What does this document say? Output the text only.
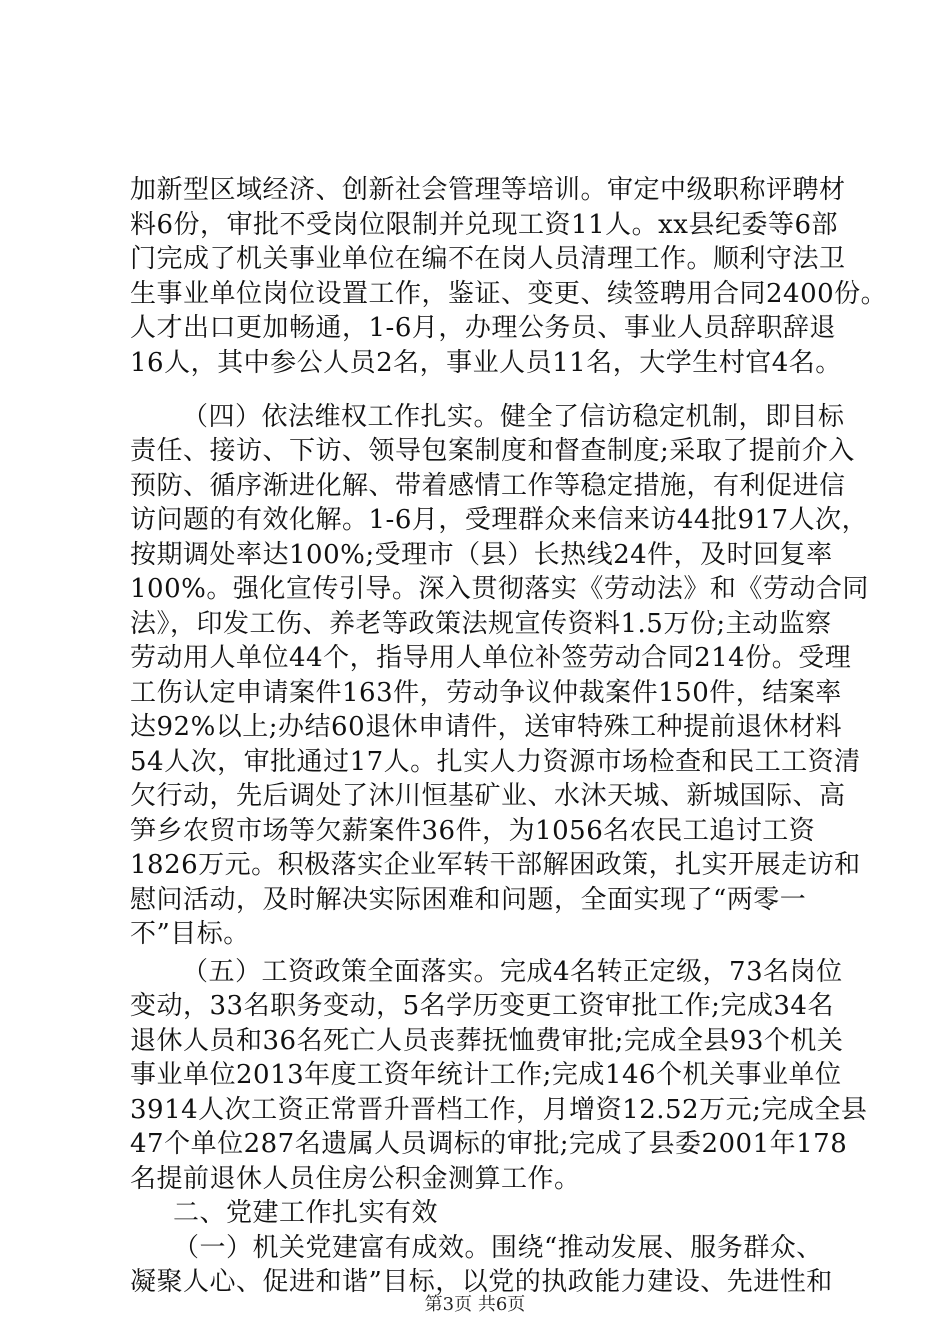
加新型区域经济、创新社会管理等培训。审定中级职称评聘材
料6份，审批不受岗位限制并兑现工资11人。xx县纪委等6部
门完成了机关事业单位在编不在岗人员清理工作。顺利守法卫
生事业单位岗位设置工作，鉴证、变更、续签聘用合同2400份。
人才出口更加畅通，1-6月，办理公务员、事业人员辞职辞退
16人，其中参公人员2名，事业人员11名，大学生村官4名。
（四）依法维权工作扎实。健全了信访稳定机制，即目标
责任、接访、下访、领导包案制度和督查制度;采取了提前介入
预防、循序渐进化解、带着感情工作等稳定措施，有利促进信
访问题的有效化解。1-6月，受理群众来信来访44批917人次，
按期调处率达100%;受理市（县）长热线24件，及时回复率
100%。强化宣传引导。深入贯彻落实《劳动法》和《劳动合同
法》，印发工伤、养老等政策法规宣传资料1.5万份;主动监察
劳动用人单位44个，指导用人单位补签劳动合同214份。受理
工伤认定申请案件163件，劳动争议仲裁案件150件，结案率
达92%以上;办结60退休申请件，送审特殊工种提前退休材料
54人次，审批通过17人。扎实人力资源市场检查和民工工资清
欠行动，先后调处了沐川恒基矿业、水沐天城、新城国际、高
笋乡农贸市场等欠薪案件36件，为1056名农民工追讨工资
1826万元。积极落实企业军转干部解困政策，扎实开展走访和
慰问活动，及时解决实际困难和问题，全面实现了“两零一
不”目标。
（五）工资政策全面落实。完成4名转正定级，73名岗位
变动，33名职务变动，5名学历变更工资审批工作;完成34名
退休人员和36名死亡人员丧葬抚恤费审批;完成全县93个机关
事业单位2013年度工资年统计工作;完成146个机关事业单位
3914人次工资正常晋升晋档工作，月增资12.52万元;完成全县
47个单位287名遗属人员调标的审批;完成了县委2001年178
名提前退休人员住房公积金测算工作。
二、党建工作扎实有效
（一）机关党建富有成效。围绕“推动发展、服务群众、
凝聚人心、促进和谐”目标，以党的执政能力建设、先进性和
第3页 共6页
